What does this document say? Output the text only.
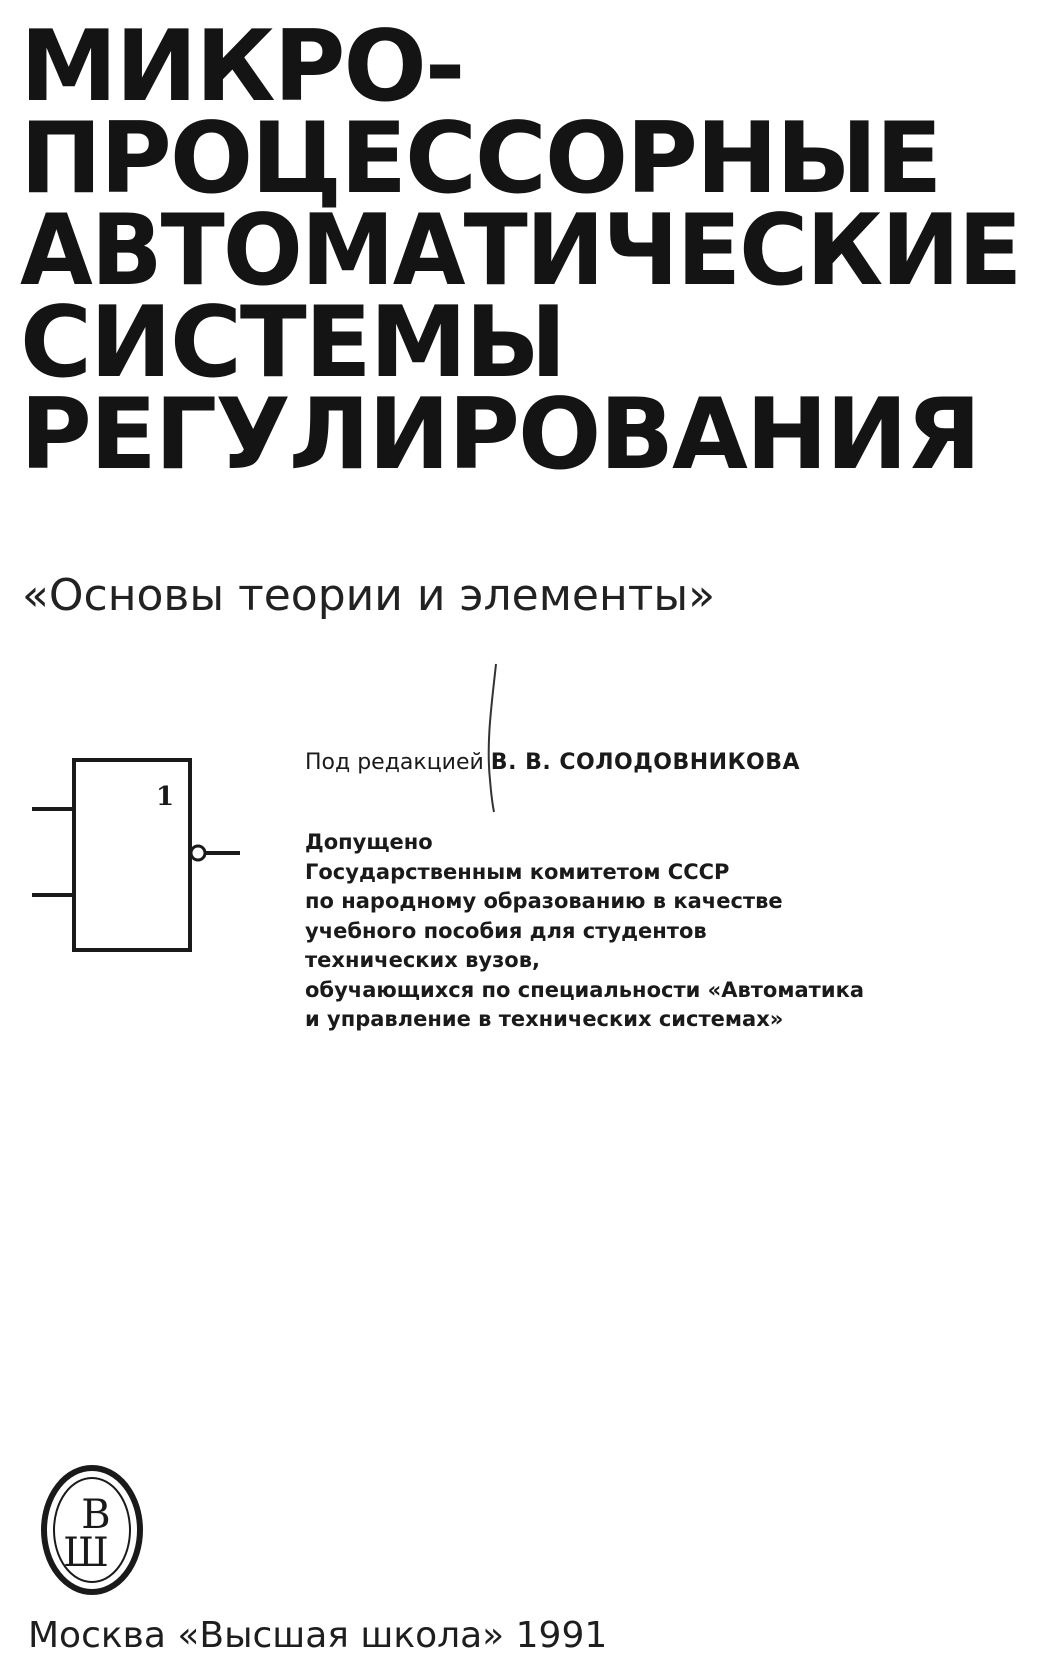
МИКРО-
ПРОЦЕССОРНЫЕ
АВТОМАТИЧЕСКИЕ
СИСТЕМЫ
РЕГУЛИРОВАНИЯ

«Основы теории и элементы»

Под редакцией В. В. СОЛОДОВНИКОВА
1
Допущено
Государственным комитетом СССР
по народному образованию в качестве
учебного пособия для студентов
технических вузов,
обучающихся по специальности «Автоматика
и управление в технических системах»
В
Ш
Москва «Высшая школа» 1991
